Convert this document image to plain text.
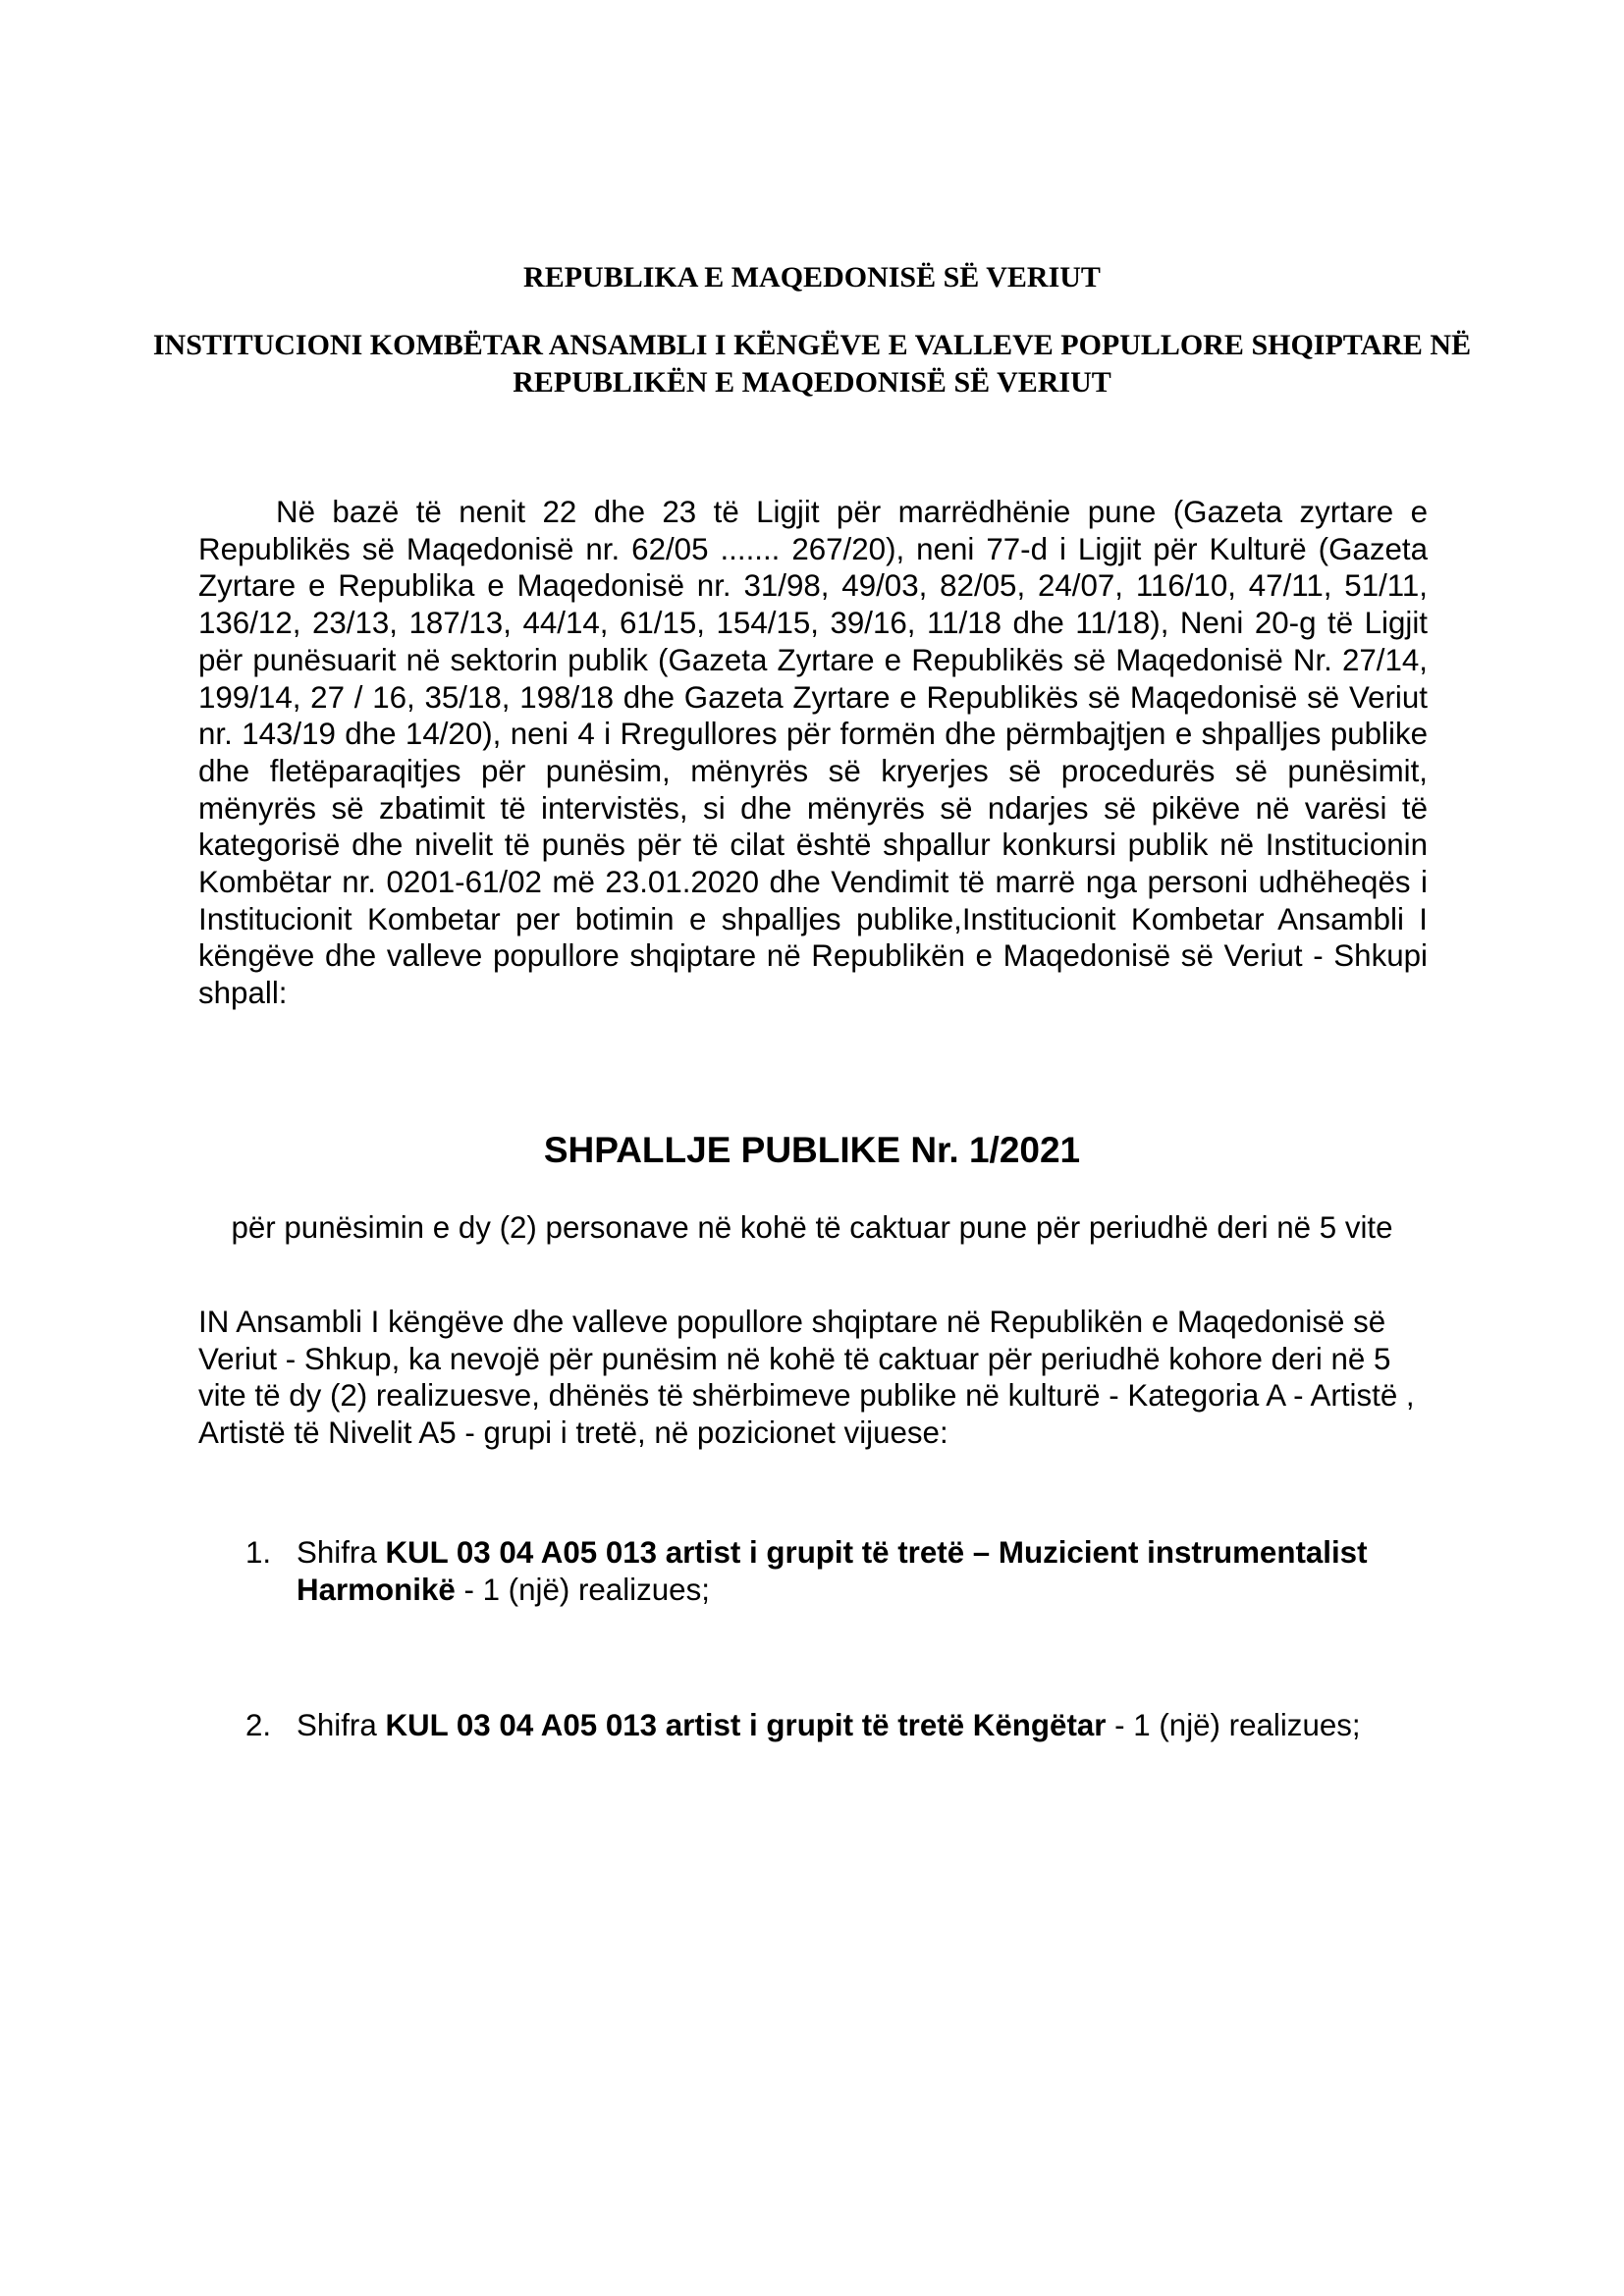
REPUBLIKA E MAQEDONISË SË VERIUT
INSTITUCIONI KOMBËTAR ANSAMBLI I KËNGËVE E VALLEVE POPULLORE SHQIPTARE NË REPUBLIKËN E MAQEDONISË SË VERIUT

Në bazë të nenit 22 dhe 23 të Ligjit për marrëdhënie pune (Gazeta zyrtare e Republikës së Maqedonisë nr. 62/05 ....... 267/20), neni 77-d i Ligjit për Kulturë (Gazeta Zyrtare e Republika e Maqedonisë nr. 31/98, 49/03, 82/05, 24/07, 116/10, 47/11, 51/11, 136/12, 23/13, 187/13, 44/14, 61/15, 154/15, 39/16, 11/18 dhe 11/18), Neni 20-g të Ligjit për punësuarit në sektorin publik (Gazeta Zyrtare e Republikës së Maqedonisë Nr. 27/14, 199/14, 27 / 16, 35/18, 198/18 dhe Gazeta Zyrtare e Republikës së Maqedonisë së Veriut nr. 143/19 dhe 14/20), neni 4 i Rregullores për formën dhe përmbajtjen e shpalljes publike dhe fletëparaqitjes për punësim, mënyrës së kryerjes së procedurës së punësimit, mënyrës së zbatimit të intervistës, si dhe mënyrës së ndarjes së pikëve në varësi të kategorisë dhe nivelit të punës për të cilat është shpallur konkursi publik në Institucionin Kombëtar nr. 0201-61/02 më 23.01.2020 dhe Vendimit të marrë nga personi udhëheqës i Institucionit Kombetar per botimin e shpalljes publike,Institucionit Kombetar Ansambli I këngëve dhe valleve popullore shqiptare në Republikën e Maqedonisë së Veriut - Shkupi shpall:

SHPALLJE PUBLIKE Nr. 1/2021

për punësimin e dy (2) personave në kohë të caktuar pune për periudhë deri në 5 vite

IN Ansambli I këngëve dhe valleve popullore shqiptare në Republikën e Maqedonisë së Veriut - Shkup, ka nevojë për punësim në kohë të caktuar për periudhë kohore deri në 5 vite të dy (2) realizuesve, dhënës të shërbimeve publike në kulturë - Kategoria A - Artistë , Artistë të Nivelit A5 - grupi i tretë, në pozicionet vijuese:

1. Shifra KUL 03 04 A05 013 artist i grupit të tretë – Muzicient instrumentalist Harmonikë - 1 (një) realizues;
2. Shifra KUL 03 04 A05 013 artist i grupit të tretë Këngëtar - 1 (një) realizues;
